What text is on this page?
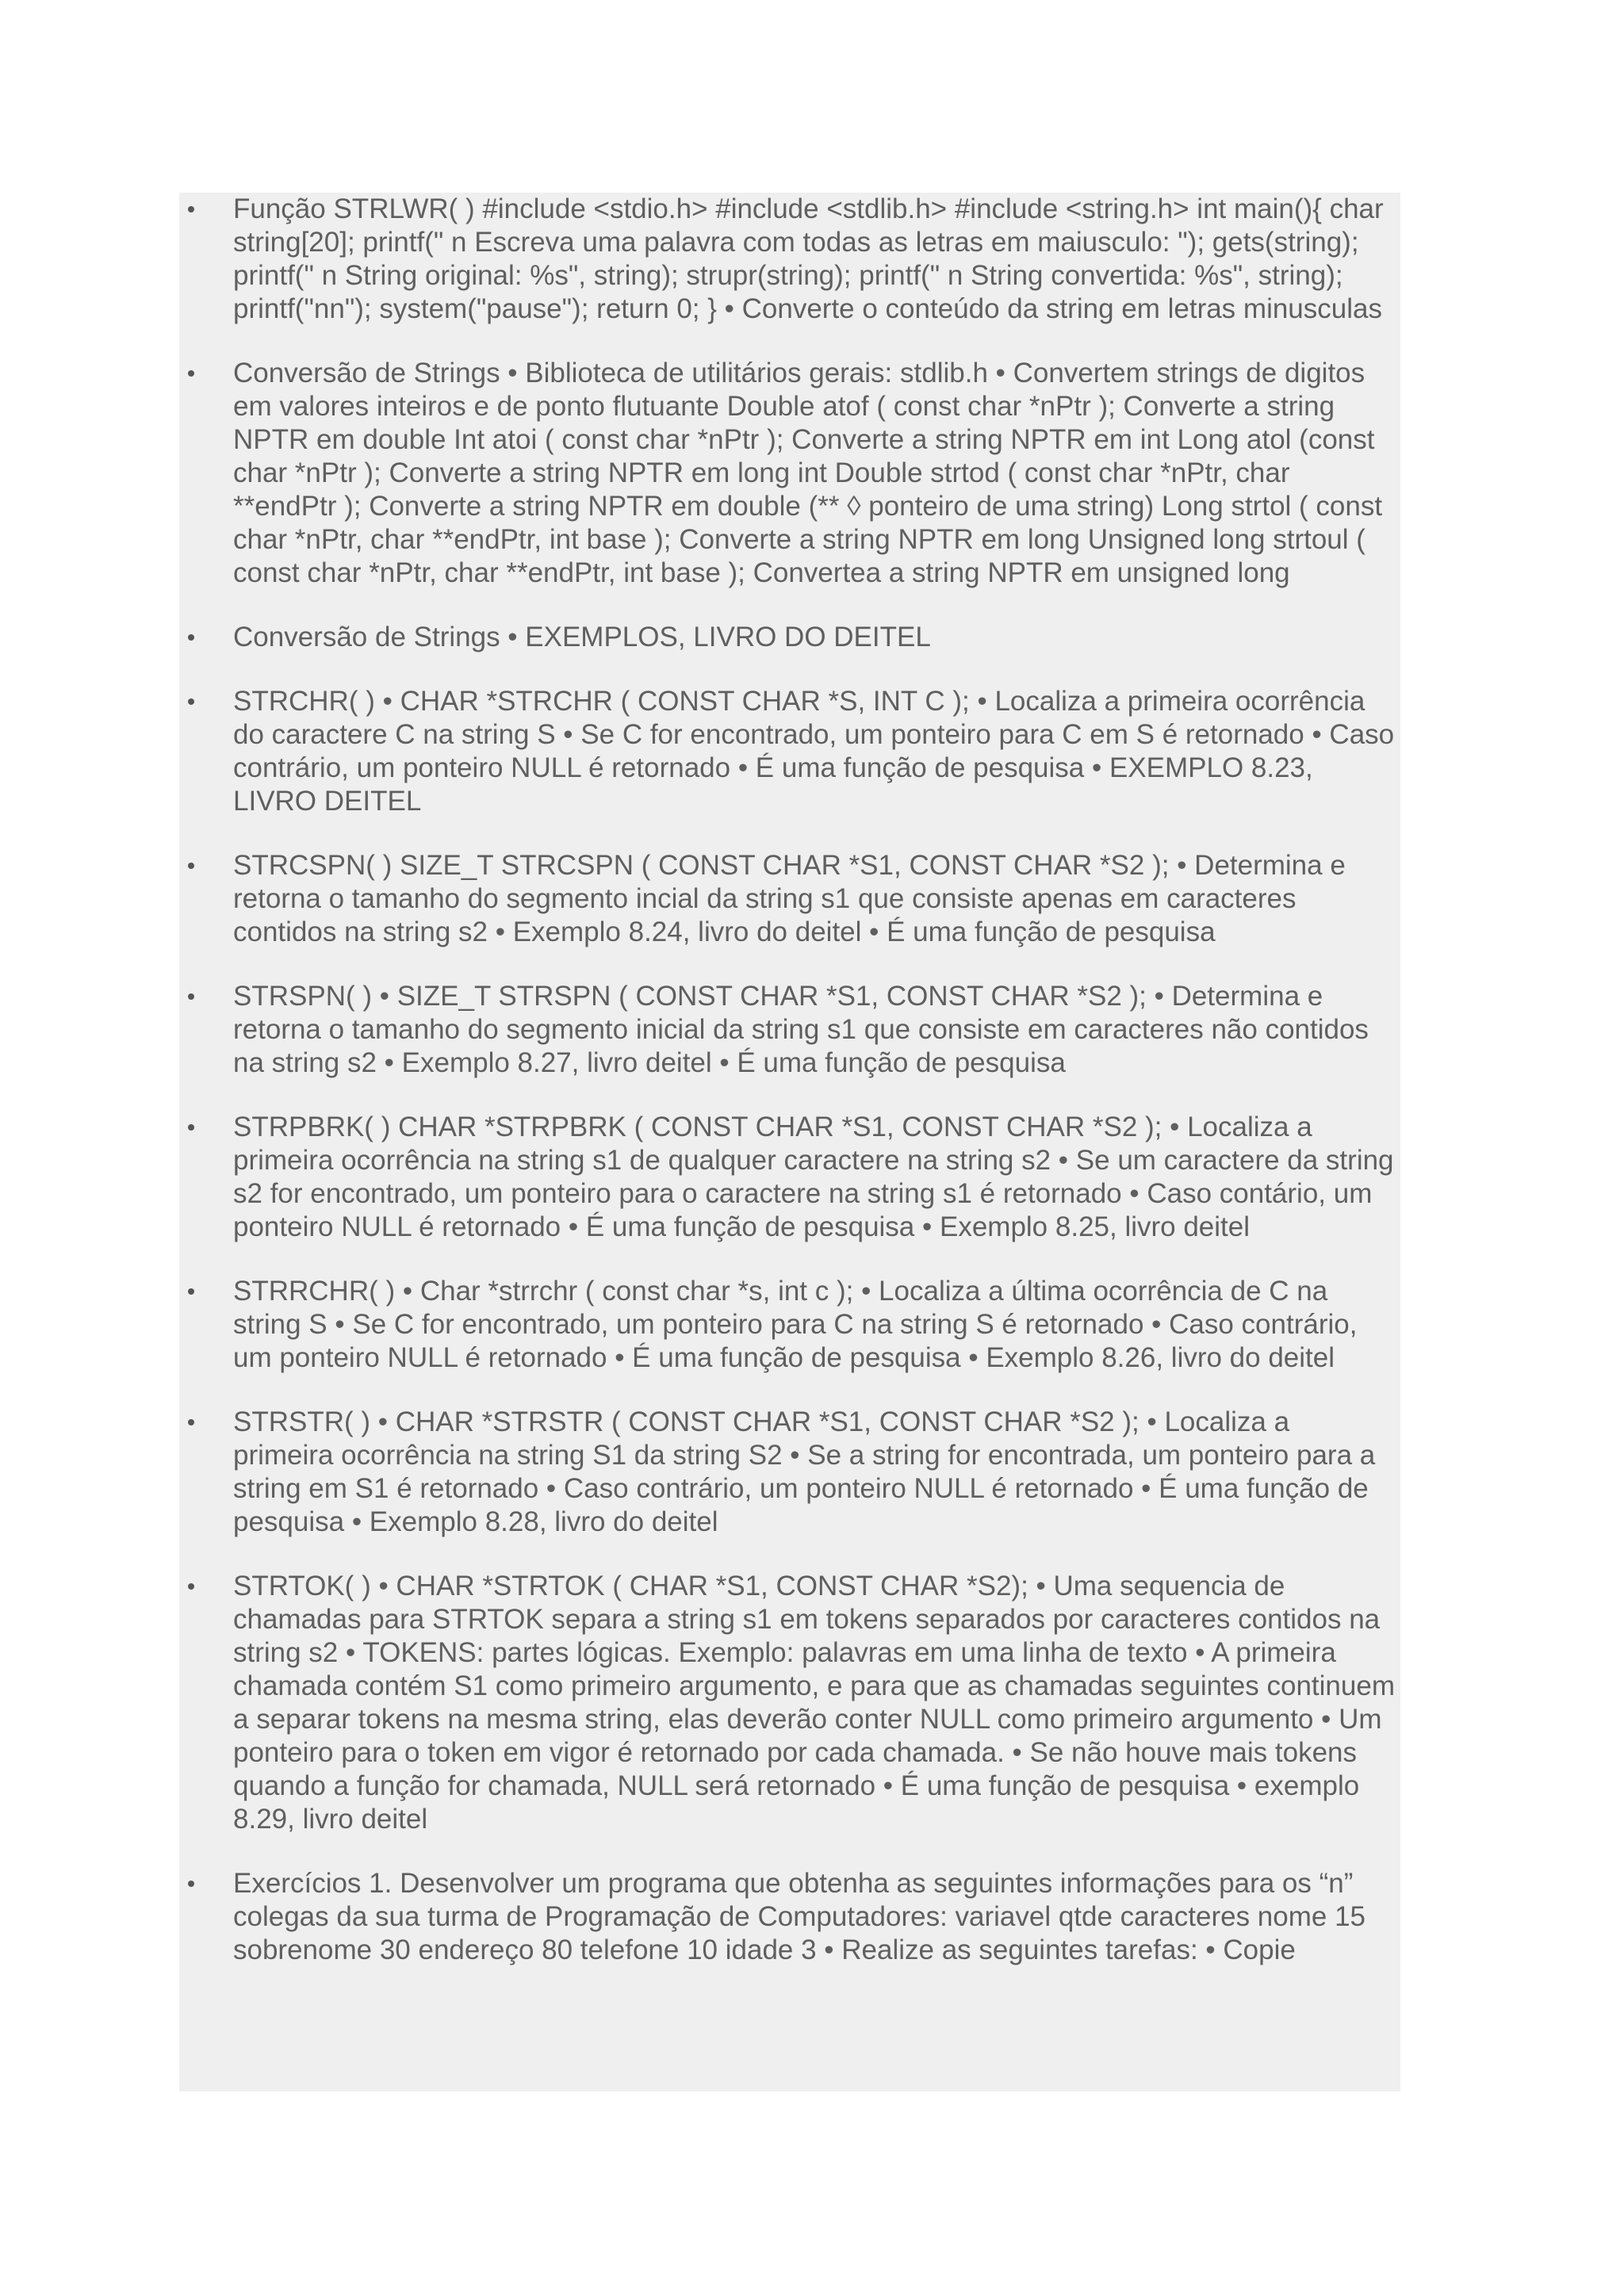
Função STRLWR( ) #include <stdio.h> #include <stdlib.h> #include <string.h> int main(){ char string[20]; printf(" n Escreva uma palavra com todas as letras em maiusculo: "); gets(string); printf(" n String original: %s", string); strupr(string); printf(" n String convertida: %s", string); printf("nn"); system("pause"); return 0; } • Converte o conteúdo da string em letras minusculas
Conversão de Strings • Biblioteca de utilitários gerais: stdlib.h • Convertem strings de digitos em valores inteiros e de ponto flutuante Double atof ( const char *nPtr ); Converte a string NPTR em double Int atoi ( const char *nPtr ); Converte a string NPTR em int Long atol (const char *nPtr ); Converte a string NPTR em long int Double strtod ( const char *nPtr, char **endPtr ); Converte a string NPTR em double (** ◊ ponteiro de uma string) Long strtol ( const char *nPtr, char **endPtr, int base ); Converte a string NPTR em long Unsigned long strtoul ( const char *nPtr, char **endPtr, int base ); Convertea a string NPTR em unsigned long
Conversão de Strings • EXEMPLOS, LIVRO DO DEITEL
STRCHR( ) • CHAR *STRCHR ( CONST CHAR *S, INT C ); • Localiza a primeira ocorrência do caractere C na string S • Se C for encontrado, um ponteiro para C em S é retornado • Caso contrário, um ponteiro NULL é retornado • É uma função de pesquisa • EXEMPLO 8.23, LIVRO DEITEL
STRCSPN( ) SIZE_T STRCSPN ( CONST CHAR *S1, CONST CHAR *S2 ); • Determina e retorna o tamanho do segmento incial da string s1 que consiste apenas em caracteres contidos na string s2 • Exemplo 8.24, livro do deitel • É uma função de pesquisa
STRSPN( ) • SIZE_T STRSPN ( CONST CHAR *S1, CONST CHAR *S2 ); • Determina e retorna o tamanho do segmento inicial da string s1 que consiste em caracteres não contidos na string s2 • Exemplo 8.27, livro deitel • É uma função de pesquisa
STRPBRK( ) CHAR *STRPBRK ( CONST CHAR *S1, CONST CHAR *S2 ); • Localiza a primeira ocorrência na string s1 de qualquer caractere na string s2 • Se um caractere da string s2 for encontrado, um ponteiro para o caractere na string s1 é retornado • Caso contário, um ponteiro NULL é retornado • É uma função de pesquisa • Exemplo 8.25, livro deitel
STRRCHR( ) • Char *strrchr ( const char *s, int c ); • Localiza a última ocorrência de C na string S • Se C for encontrado, um ponteiro para C na string S é retornado • Caso contrário, um ponteiro NULL é retornado • É uma função de pesquisa • Exemplo 8.26, livro do deitel
STRSTR( ) • CHAR *STRSTR ( CONST CHAR *S1, CONST CHAR *S2 ); • Localiza a primeira ocorrência na string S1 da string S2 • Se a string for encontrada, um ponteiro para a string em S1 é retornado • Caso contrário, um ponteiro NULL é retornado • É uma função de pesquisa • Exemplo 8.28, livro do deitel
STRTOK( ) • CHAR *STRTOK ( CHAR *S1, CONST CHAR *S2); • Uma sequencia de chamadas para STRTOK separa a string s1 em tokens separados por caracteres contidos na string s2 • TOKENS: partes lógicas. Exemplo: palavras em uma linha de texto • A primeira chamada contém S1 como primeiro argumento, e para que as chamadas seguintes continuem a separar tokens na mesma string, elas deverão conter NULL como primeiro argumento • Um ponteiro para o token em vigor é retornado por cada chamada. • Se não houve mais tokens quando a função for chamada, NULL será retornado • É uma função de pesquisa • exemplo 8.29, livro deitel
Exercícios 1. Desenvolver um programa que obtenha as seguintes informações para os “n” colegas da sua turma de Programação de Computadores: variavel qtde caracteres nome 15 sobrenome 30 endereço 80 telefone 10 idade 3 • Realize as seguintes tarefas: • Copie
